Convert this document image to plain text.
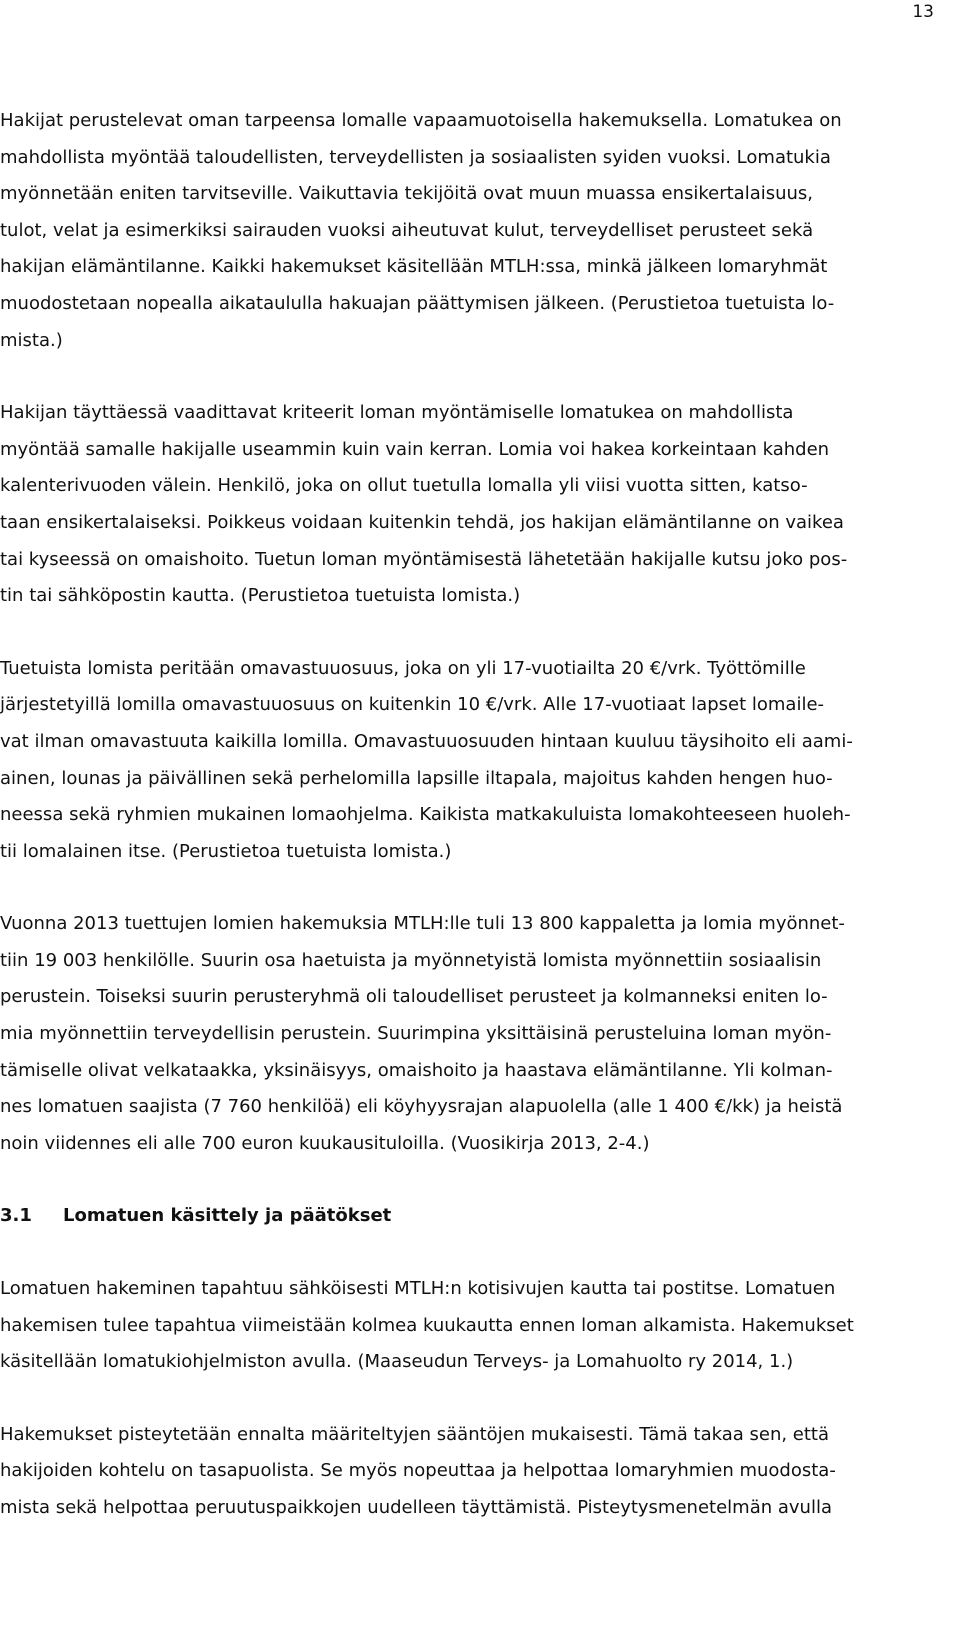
13

Hakijat perustelevat oman tarpeensa lomalle vapaamuotoisella hakemuksella. Lomatukea on
mahdollista myöntää taloudellisten, terveydellisten ja sosiaalisten syiden vuoksi. Lomatukia
myönnetään eniten tarvitseville. Vaikuttavia tekijöitä ovat muun muassa ensikertalaisuus,
tulot, velat ja esimerkiksi sairauden vuoksi aiheutuvat kulut, terveydelliset perusteet sekä
hakijan elämäntilanne. Kaikki hakemukset käsitellään MTLH:ssa, minkä jälkeen lomaryhmät
muodostetaan nopealla aikataululla hakuajan päättymisen jälkeen. (Perustietoa tuetuista lo-
mista.)

Hakijan täyttäessä vaadittavat kriteerit loman myöntämiselle lomatukea on mahdollista
myöntää samalle hakijalle useammin kuin vain kerran. Lomia voi hakea korkeintaan kahden
kalenterivuoden välein. Henkilö, joka on ollut tuetulla lomalla yli viisi vuotta sitten, katso-
taan ensikertalaiseksi. Poikkeus voidaan kuitenkin tehdä, jos hakijan elämäntilanne on vaikea
tai kyseessä on omaishoito. Tuetun loman myöntämisestä lähetetään hakijalle kutsu joko pos-
tin tai sähköpostin kautta. (Perustietoa tuetuista lomista.)

Tuetuista lomista peritään omavastuuosuus, joka on yli 17-vuotiailta 20 €/vrk. Työttömille
järjestetyillä lomilla omavastuuosuus on kuitenkin 10 €/vrk. Alle 17-vuotiaat lapset lomaile-
vat ilman omavastuuta kaikilla lomilla. Omavastuuosuuden hintaan kuuluu täysihoito eli aami-
ainen, lounas ja päivällinen sekä perhelomilla lapsille iltapala, majoitus kahden hengen huo-
neessa sekä ryhmien mukainen lomaohjelma. Kaikista matkakuluista lomakohteeseen huoleh-
tii lomalainen itse. (Perustietoa tuetuista lomista.)

Vuonna 2013 tuettujen lomien hakemuksia MTLH:lle tuli 13 800 kappaletta ja lomia myönnet-
tiin 19 003 henkilölle. Suurin osa haetuista ja myönnetyistä lomista myönnettiin sosiaalisin
perustein. Toiseksi suurin perusteryhmä oli taloudelliset perusteet ja kolmanneksi eniten lo-
mia myönnettiin terveydellisin perustein. Suurimpina yksittäisinä perusteluina loman myön-
tämiselle olivat velkataakka, yksinäisyys, omaishoito ja haastava elämäntilanne. Yli kolman-
nes lomatuen saajista (7 760 henkilöä) eli köyhyysrajan alapuolella (alle 1 400 €/kk) ja heistä
noin viidennes eli alle 700 euron kuukausituloilla. (Vuosikirja 2013, 2-4.)

3.1 Lomatuen käsittely ja päätökset

Lomatuen hakeminen tapahtuu sähköisesti MTLH:n kotisivujen kautta tai postitse. Lomatuen
hakemisen tulee tapahtua viimeistään kolmea kuukautta ennen loman alkamista. Hakemukset
käsitellään lomatukiohjelmiston avulla. (Maaseudun Terveys- ja Lomahuolto ry 2014, 1.)

Hakemukset pisteytetään ennalta määriteltyjen sääntöjen mukaisesti. Tämä takaa sen, että
hakijoiden kohtelu on tasapuolista. Se myös nopeuttaa ja helpottaa lomaryhmien muodosta-
mista sekä helpottaa peruutuspaikkojen uudelleen täyttämistä. Pisteytysmenetelmän avulla
